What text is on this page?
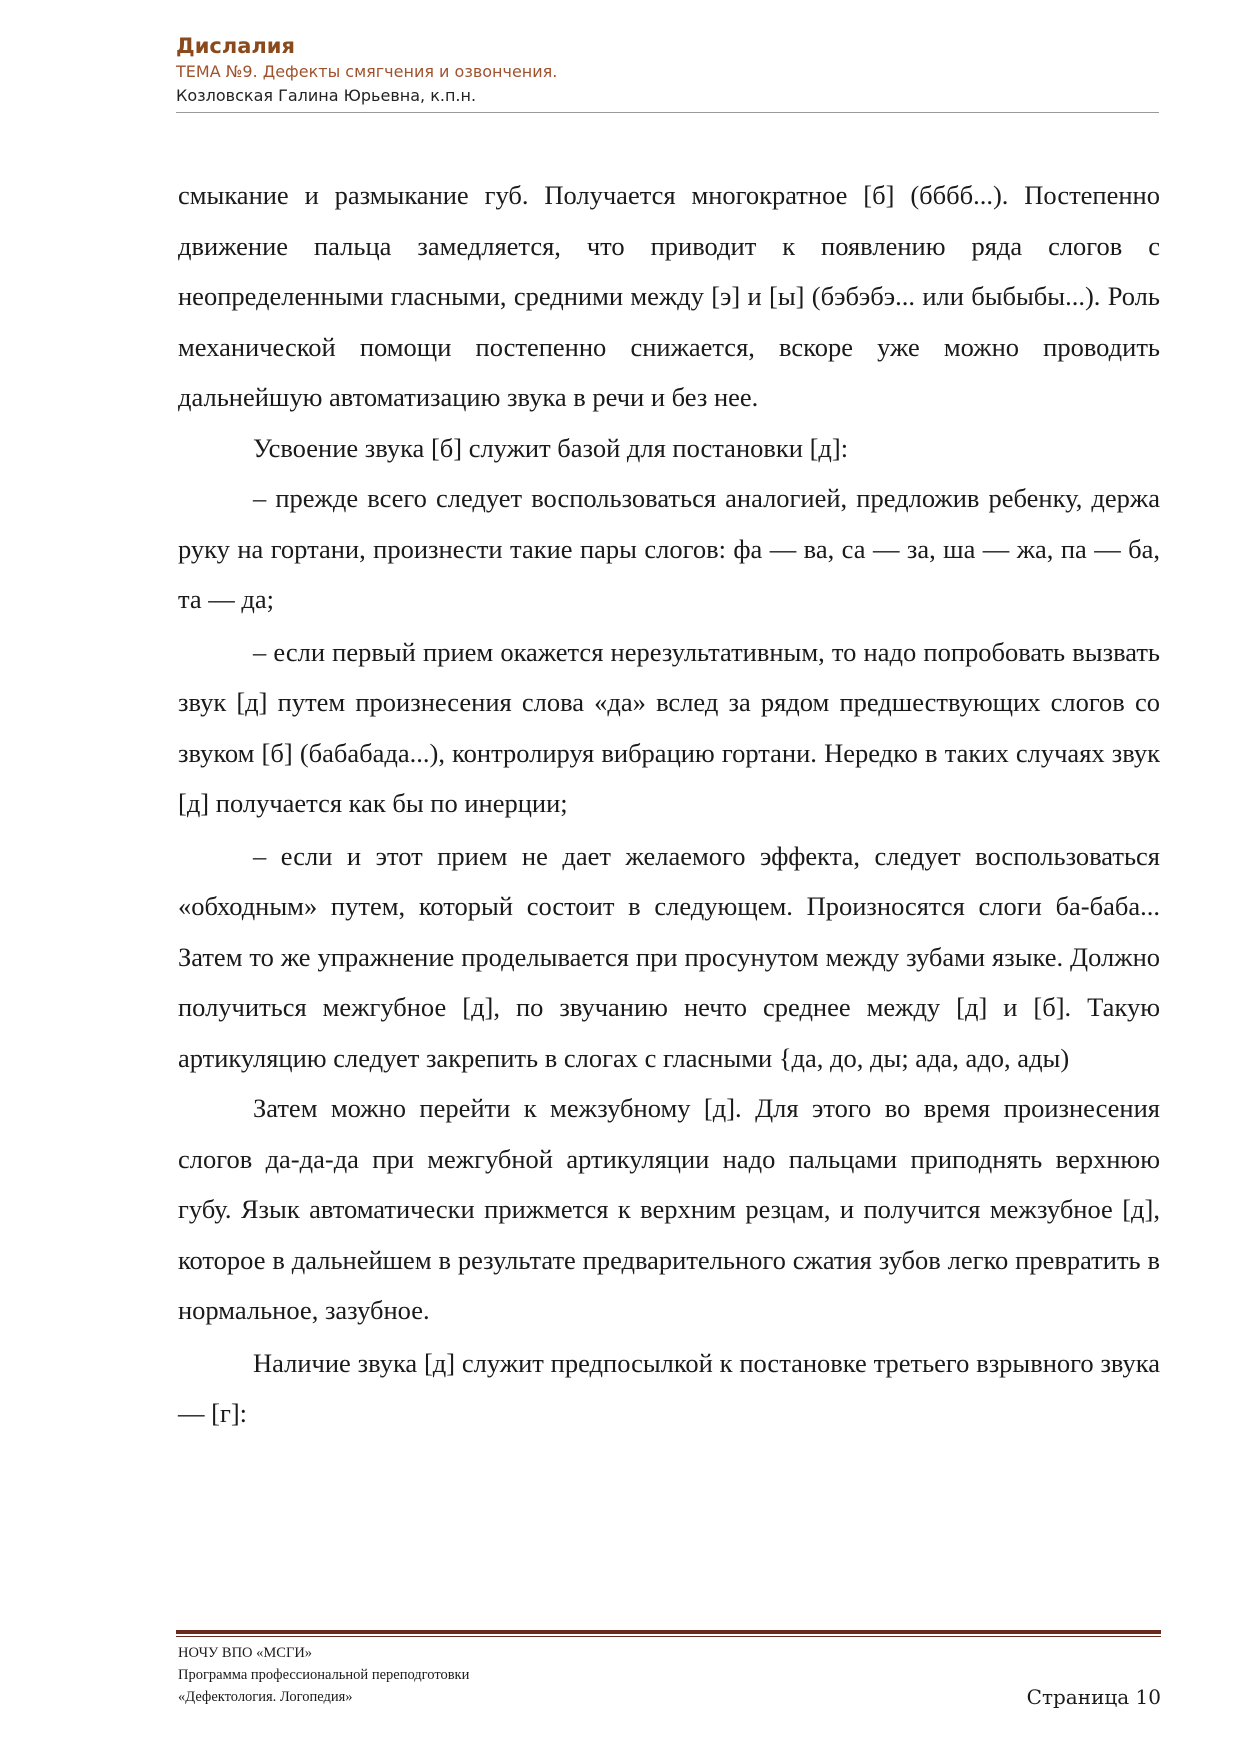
Дислалия
ТЕМА №9. Дефекты смягчения и озвончения.
Козловская Галина Юрьевна, к.п.н.

смыкание и размыкание губ. Получается многократное [б] (бббб...). Постепенно движение пальца замедляется, что приводит к появлению ряда слогов с неопределенными гласными, средними между [э] и [ы] (бэбэбэ... или быбыбы...). Роль механической помощи постепенно снижается, вскоре уже можно проводить дальнейшую автоматизацию звука в речи и без нее.

Усвоение звука [б] служит базой для постановки [д]:

– прежде всего следует воспользоваться аналогией, предложив ребенку, держа руку на гортани, произнести такие пары слогов: фа — ва, са — за, ша — жа, па — ба, та — да;

– если первый прием окажется нерезультативным, то надо попробовать вызвать звук [д] путем произнесения слова «да» вслед за рядом предшествующих слогов со звуком [б] (бабабада...), контролируя вибрацию гортани. Нередко в таких случаях звук [д] получается как бы по инерции;

– если и этот прием не дает желаемого эффекта, следует воспользоваться «обходным» путем, который состоит в следующем. Произносятся слоги ба-баба... Затем то же упражнение проделывается при просунутом между зубами языке. Должно получиться межгубное [д], по звучанию нечто среднее между [д] и [б]. Такую артикуляцию следует закрепить в слогах с гласными {да, до, ды; ада, адо, ады)

Затем можно перейти к межзубному [д]. Для этого во время произнесения слогов да-да-да при межгубной артикуляции надо пальцами приподнять верхнюю губу. Язык автоматически прижмется к верхним резцам, и получится межзубное [д], которое в дальнейшем в результате предварительного сжатия зубов легко превратить в нормальное, зазубное.

Наличие звука [д] служит предпосылкой к постановке третьего взрывного звука — [г]:

НОЧУ ВПО «МСГИ»
Программа профессиональной переподготовки
«Дефектология. Логопедия»	Страница 10
